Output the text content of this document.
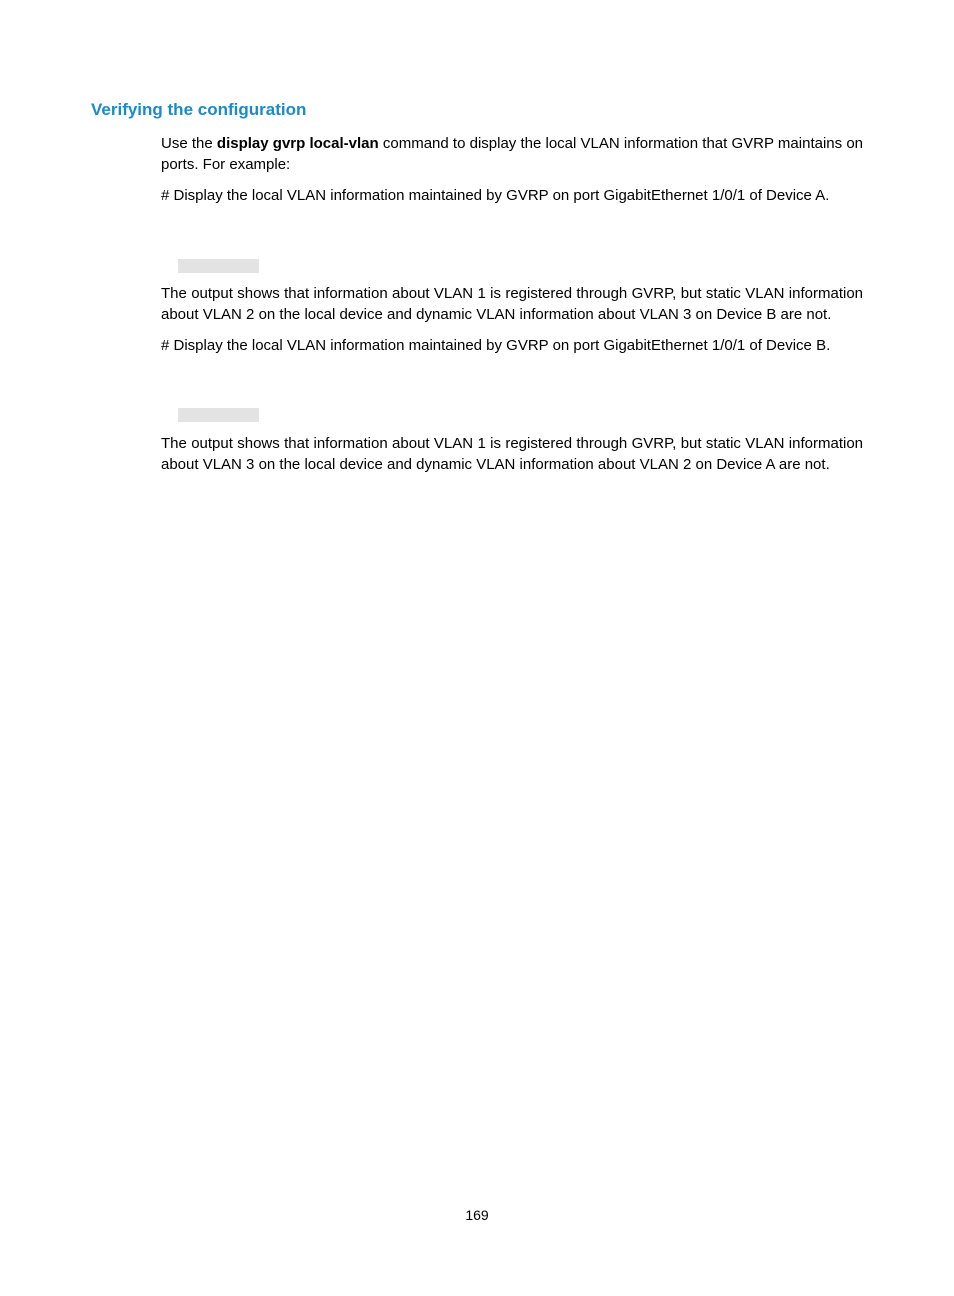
Verifying the configuration

Use the display gvrp local-vlan command to display the local VLAN information that GVRP maintains on ports. For example:

# Display the local VLAN information maintained by GVRP on port GigabitEthernet 1/0/1 of Device A.

The output shows that information about VLAN 1 is registered through GVRP, but static VLAN information about VLAN 2 on the local device and dynamic VLAN information about VLAN 3 on Device B are not.

# Display the local VLAN information maintained by GVRP on port GigabitEthernet 1/0/1 of Device B.

The output shows that information about VLAN 1 is registered through GVRP, but static VLAN information about VLAN 3 on the local device and dynamic VLAN information about VLAN 2 on Device A are not.

169
